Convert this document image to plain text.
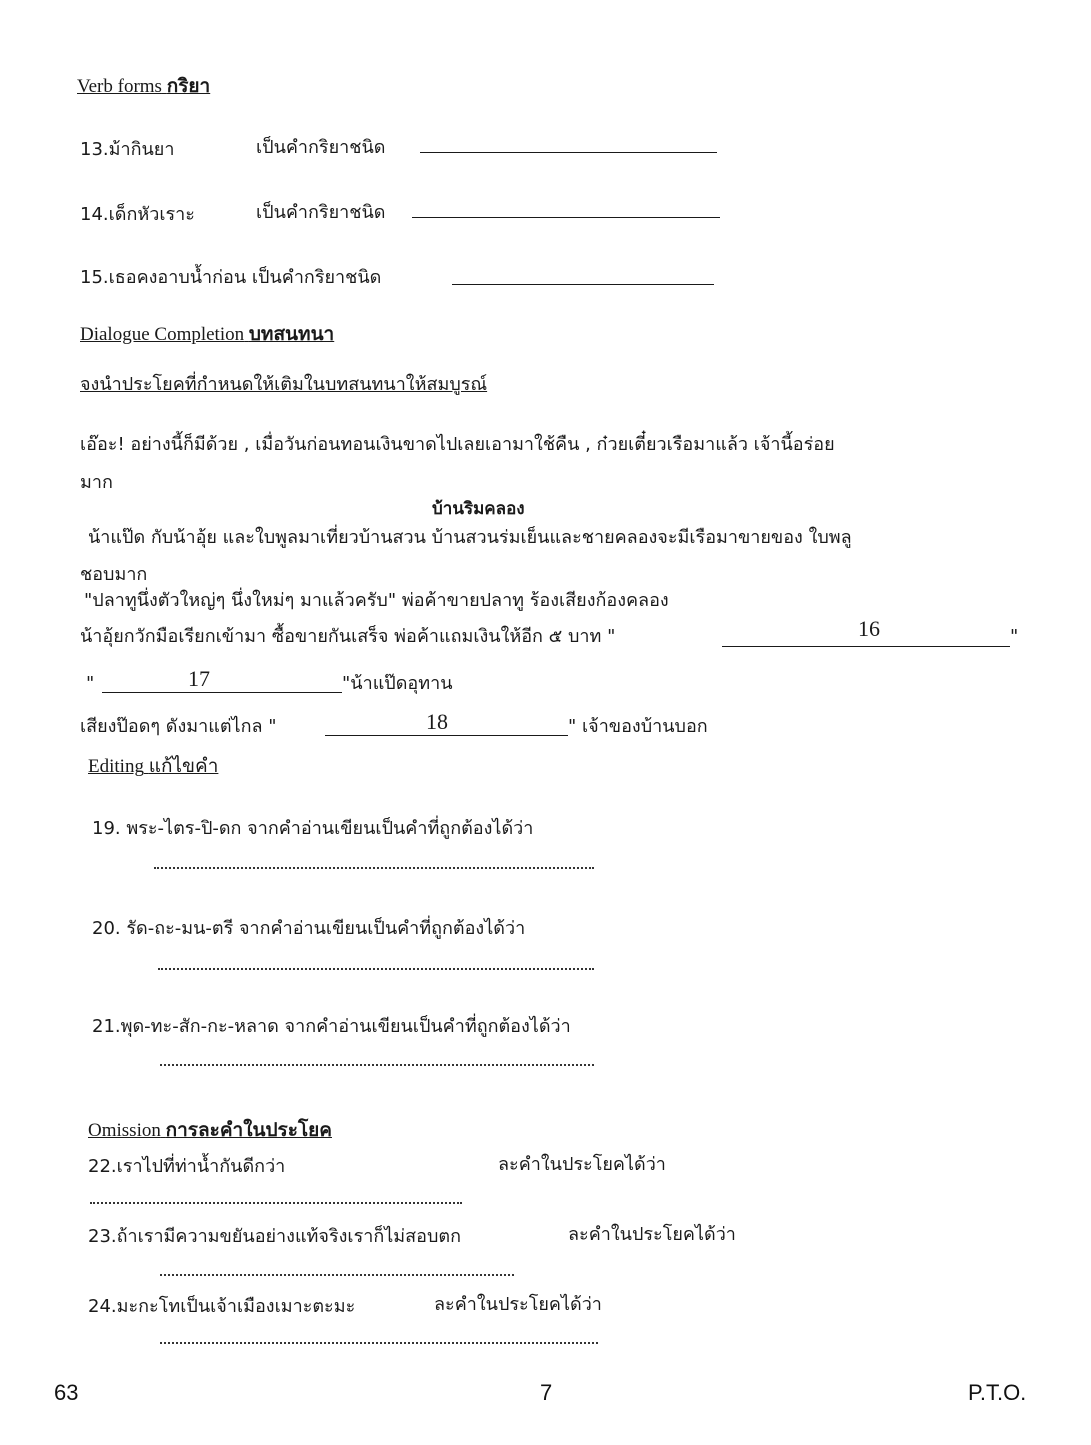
Verb forms กริยา
13.ม้ากินยา	เป็นคำกริยาชนิด
14.เด็กหัวเราะ	เป็นคำกริยาชนิด
15.เธอคงอาบน้ำก่อน เป็นคำกริยาชนิด
Dialogue Completion บทสนทนา
จงนำประโยคที่กำหนดให้เติมในบทสนทนาให้สมบูรณ์
เอ๊อะ! อย่างนี้ก็มีด้วย , เมื่อวันก่อนทอนเงินขาดไปเลยเอามาใช้คืน , ก๋วยเตี๋ยวเรือมาแล้ว เจ้านี้อร่อย
มาก
บ้านริมคลอง
น้าแป๊ด กับน้าอุ้ย และใบพูลมาเที่ยวบ้านสวน บ้านสวนร่มเย็นและชายคลองจะมีเรือมาขายของ ใบพลู
ชอบมาก
"ปลาทูนึ่งตัวใหญ่ๆ นึ่งใหม่ๆ มาแล้วครับ" พ่อค้าขายปลาทู ร้องเสียงก้องคลอง
น้าอุ้ยกวักมือเรียกเข้ามา ซื้อขายกันเสร็จ พ่อค้าแถมเงินให้อีก ๕ บาท "	16	"
"	17	"น้าแป๊ดอุทาน
เสียงป๊อดๆ ดังมาแต่ไกล "	18	" เจ้าของบ้านบอก
Editing แก้ไขคำ
19. พระ-ไตร-ปิ-ดก จากคำอ่านเขียนเป็นคำที่ถูกต้องได้ว่า
20. รัด-ถะ-มน-ตรี จากคำอ่านเขียนเป็นคำที่ถูกต้องได้ว่า
21.พุด-ทะ-สัก-กะ-หลาด จากคำอ่านเขียนเป็นคำที่ถูกต้องได้ว่า
Omission การละคำในประโยค
22.เราไปที่ท่าน้ำกันดีกว่า	ละคำในประโยคได้ว่า
23.ถ้าเรามีความขยันอย่างแท้จริงเราก็ไม่สอบตก	ละคำในประโยคได้ว่า
24.มะกะโทเป็นเจ้าเมืองเมาะตะมะ	ละคำในประโยคได้ว่า
63	7	P.T.O.
